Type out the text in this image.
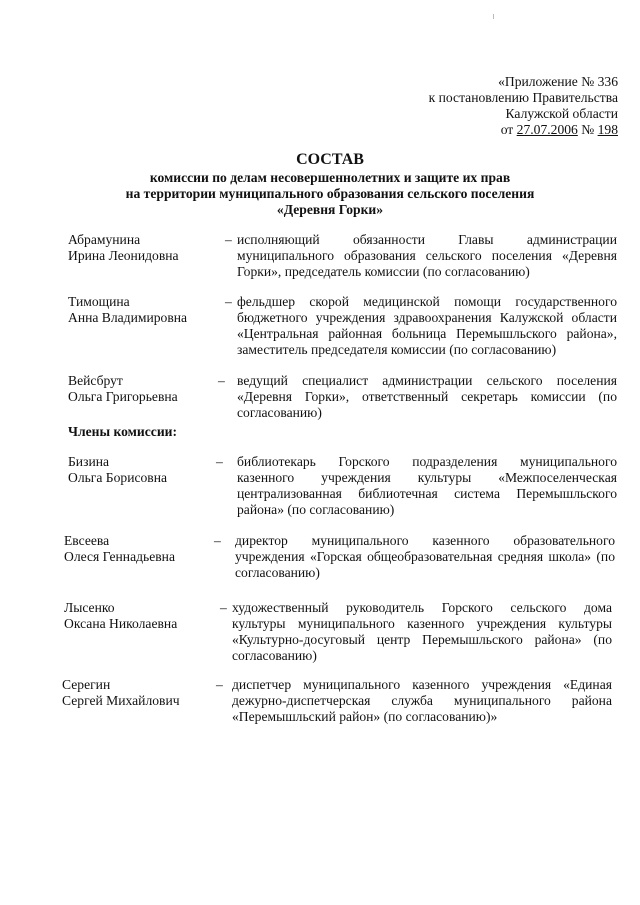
«Приложение № 336
к постановлению Правительства
Калужской области
от 27.07.2006 № 198
СОСТАВ
комиссии по делам несовершеннолетних и защите их прав
на территории муниципального образования сельского поселения
«Деревня Горки»
Абрамунина
Ирина Леонидовна
– исполняющий обязанности Главы администрации муниципального образования сельского поселения «Деревня Горки», председатель комиссии (по согласованию)
Тимощина
Анна Владимировна
– фельдшер скорой медицинской помощи государственного бюджетного учреждения здравоохранения Калужской области «Центральная районная больница Перемышльского района», заместитель председателя комиссии (по согласованию)
Вейсбрут
Ольга Григорьевна
– ведущий специалист администрации сельского поселения «Деревня Горки», ответственный секретарь комиссии (по согласованию)
Члены комиссии:
Бизина
Ольга Борисовна
– библиотекарь Горского подразделения муниципального казенного учреждения культуры «Межпоселенческая централизованная библиотечная система Перемышльского района» (по согласованию)
Евсеева
Олеся Геннадьевна
– директор муниципального казенного образовательного учреждения «Горская общеобразовательная средняя школа» (по согласованию)
Лысенко
Оксана Николаевна
– художественный руководитель Горского сельского дома культуры муниципального казенного учреждения культуры «Культурно-досуговый центр Перемышльского района» (по согласованию)
Серегин
Сергей Михайлович
– диспетчер муниципального казенного учреждения «Единая дежурно-диспетчерская служба муниципального района «Перемышльский район» (по согласованию)»
